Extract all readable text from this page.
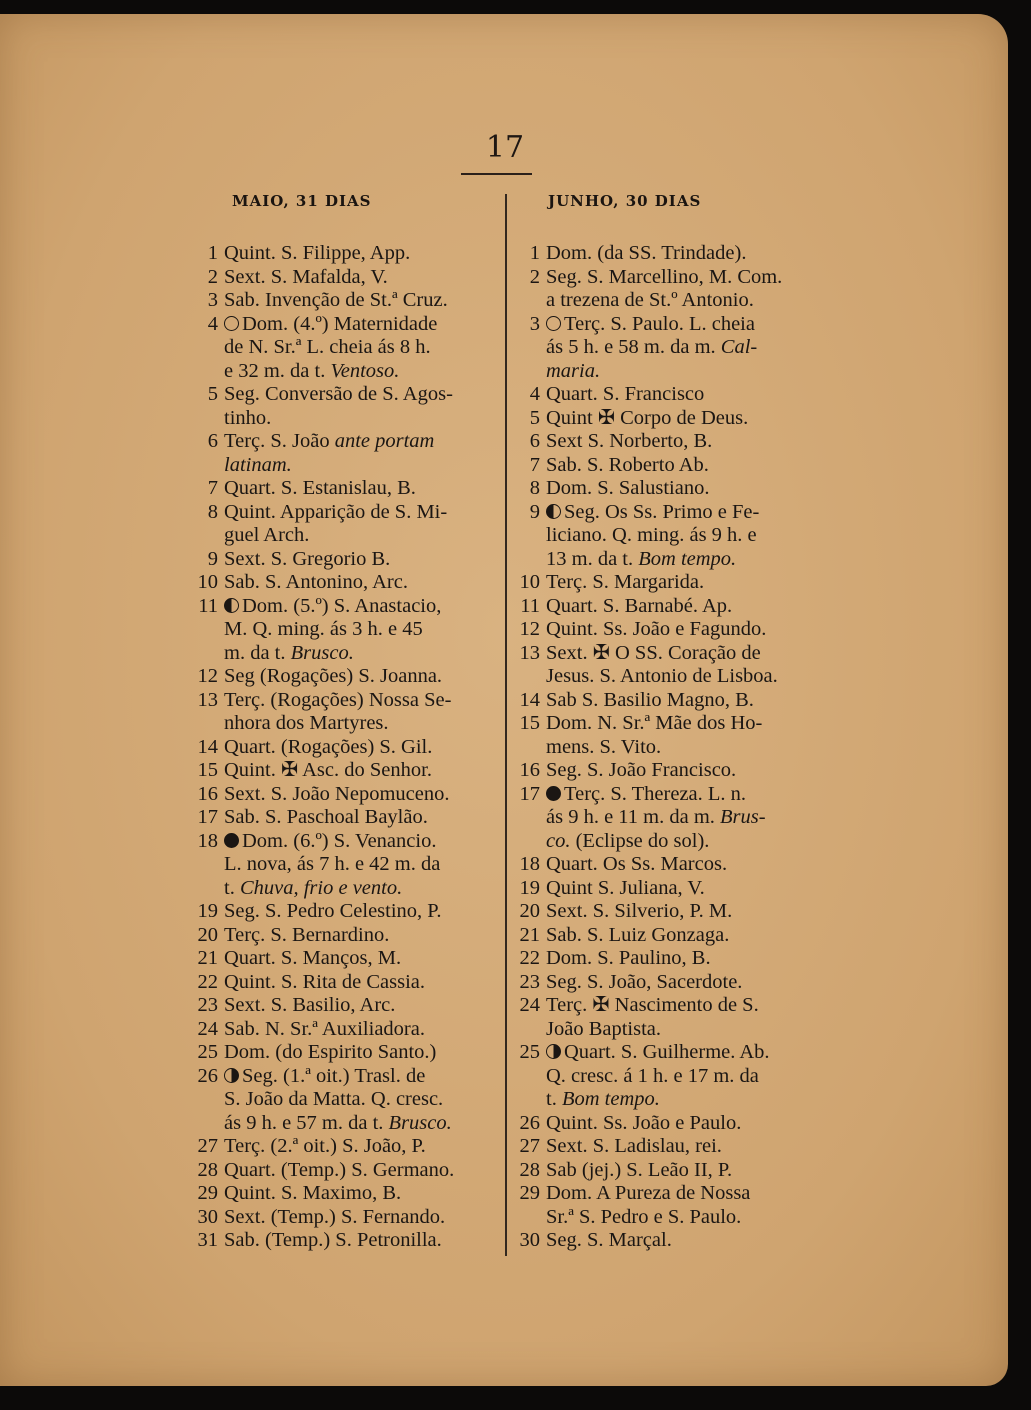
17
MAIO, 31 DIAS	JUNHO, 30 DIAS
1 Quint. S. Filippe, App.
2 Sext. S. Mafalda, V.
3 Sab. Invenção de St.ª Cruz.
4	Dom. (4.º) Maternidade
de N. Sr.ª L. cheia ás 8 h.
e 32 m. da t. Ventoso.
5 Seg. Conversão de S. Agos-
tinho.
6 Terç. S. João ante portam
latinam.
7 Quart. S. Estanislau, B.
8 Quint. Apparição de S. Mi-
guel Arch.
9 Sext. S. Gregorio B.
10 Sab. S. Antonino, Arc.
11	Dom. (5.º) S. Anastacio,
M. Q. ming. ás 3 h. e 45
m. da t. Brusco.
12 Seg (Rogações) S. Joanna.
13 Terç. (Rogações) Nossa Se-
nhora dos Martyres.
14 Quart. (Rogações) S. Gil.
15 Quint. ✠ Asc. do Senhor.
16 Sext. S. João Nepomuceno.
17 Sab. S. Paschoal Baylão.
18	Dom. (6.º) S. Venancio.
L. nova, ás 7 h. e 42 m. da
t. Chuva, frio e vento.
19 Seg. S. Pedro Celestino, P.
20 Terç. S. Bernardino.
21 Quart. S. Manços, M.
22 Quint. S. Rita de Cassia.
23 Sext. S. Basilio, Arc.
24 Sab. N. Sr.ª Auxiliadora.
25 Dom. (do Espirito Santo.)
26	Seg. (1.ª oit.) Trasl. de
S. João da Matta. Q. cresc.
ás 9 h. e 57 m. da t. Brusco.
27 Terç. (2.ª oit.) S. João, P.
28 Quart. (Temp.) S. Germano.
29 Quint. S. Maximo, B.
30 Sext. (Temp.) S. Fernando.
31 Sab. (Temp.) S. Petronilla.
1 Dom. (da SS. Trindade).
2 Seg. S. Marcellino, M. Com.
a trezena de St.º Antonio.
3	Terç. S. Paulo. L. cheia
ás 5 h. e 58 m. da m. Cal-
maria.
4 Quart. S. Francisco
5 Quint ✠ Corpo de Deus.
6 Sext S. Norberto, B.
7 Sab. S. Roberto Ab.
8 Dom. S. Salustiano.
9	Seg. Os Ss. Primo e Fe-
liciano. Q. ming. ás 9 h. e
13 m. da t. Bom tempo.
10 Terç. S. Margarida.
11 Quart. S. Barnabé. Ap.
12 Quint. Ss. João e Fagundo.
13 Sext. ✠ O SS. Coração de
Jesus. S. Antonio de Lisboa.
14 Sab S. Basilio Magno, B.
15 Dom. N. Sr.ª Mãe dos Ho-
mens. S. Vito.
16 Seg. S. João Francisco.
17	Terç. S. Thereza. L. n.
ás 9 h. e 11 m. da m. Brus-
co. (Eclipse do sol).
18 Quart. Os Ss. Marcos.
19 Quint S. Juliana, V.
20 Sext. S. Silverio, P. M.
21 Sab. S. Luiz Gonzaga.
22 Dom. S. Paulino, B.
23 Seg. S. João, Sacerdote.
24 Terç. ✠ Nascimento de S.
João Baptista.
25	Quart. S. Guilherme. Ab.
Q. cresc. á 1 h. e 17 m. da
t. Bom tempo.
26 Quint. Ss. João e Paulo.
27 Sext. S. Ladislau, rei.
28 Sab (jej.) S. Leão II, P.
29 Dom. A Pureza de Nossa
Sr.ª S. Pedro e S. Paulo.
30 Seg. S. Marçal.
